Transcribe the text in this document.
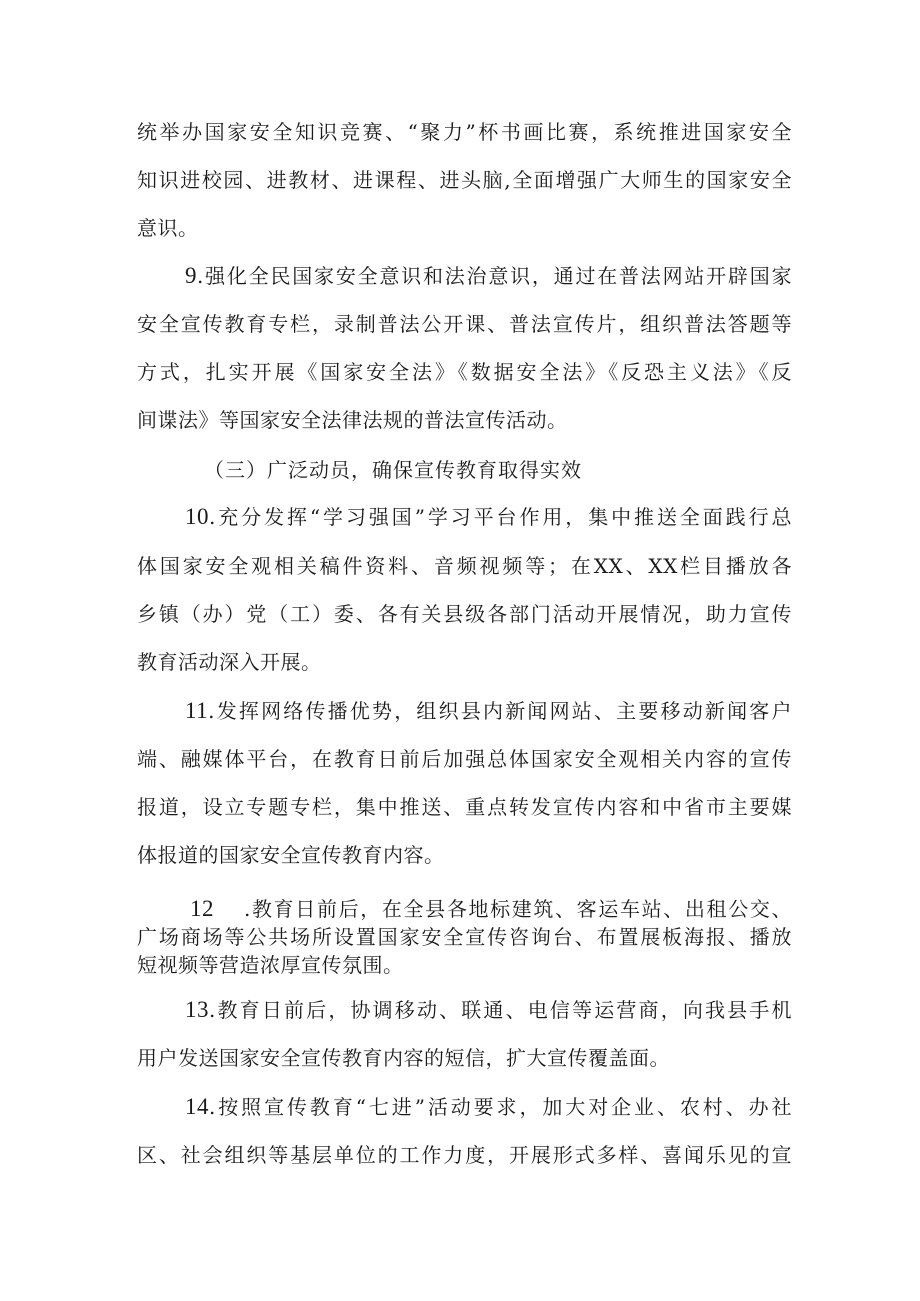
统举办国家安全知识竞赛、“聚力”杯书画比赛，系统推进国家安全
知识进校园、进教材、进课程、进头脑,全面增强广大师生的国家安全
意识。
9.强化全民国家安全意识和法治意识，通过在普法网站开辟国家
安全宣传教育专栏，录制普法公开课、普法宣传片，组织普法答题等
方式，扎实开展《国家安全法》《数据安全法》《反恐主义法》《反
间谍法》等国家安全法律法规的普法宣传活动。
（三）广泛动员，确保宣传教育取得实效
10.充分发挥“学习强国”学习平台作用，集中推送全面践行总
体国家安全观相关稿件资料、音频视频等；在XX、XX栏目播放各
乡镇（办）党（工）委、各有关县级各部门活动开展情况，助力宣传
教育活动深入开展。
11.发挥网络传播优势，组织县内新闻网站、主要移动新闻客户
端、融媒体平台，在教育日前后加强总体国家安全观相关内容的宣传
报道，设立专题专栏，集中推送、重点转发宣传内容和中省市主要媒
体报道的国家安全宣传教育内容。
12 .教育日前后，在全县各地标建筑、客运车站、出租公交、
广场商场等公共场所设置国家安全宣传咨询台、布置展板海报、播放
短视频等营造浓厚宣传氛围。
13.教育日前后，协调移动、联通、电信等运营商，向我县手机
用户发送国家安全宣传教育内容的短信，扩大宣传覆盖面。
14.按照宣传教育“七进”活动要求，加大对企业、农村、办社
区、社会组织等基层单位的工作力度，开展形式多样、喜闻乐见的宣
